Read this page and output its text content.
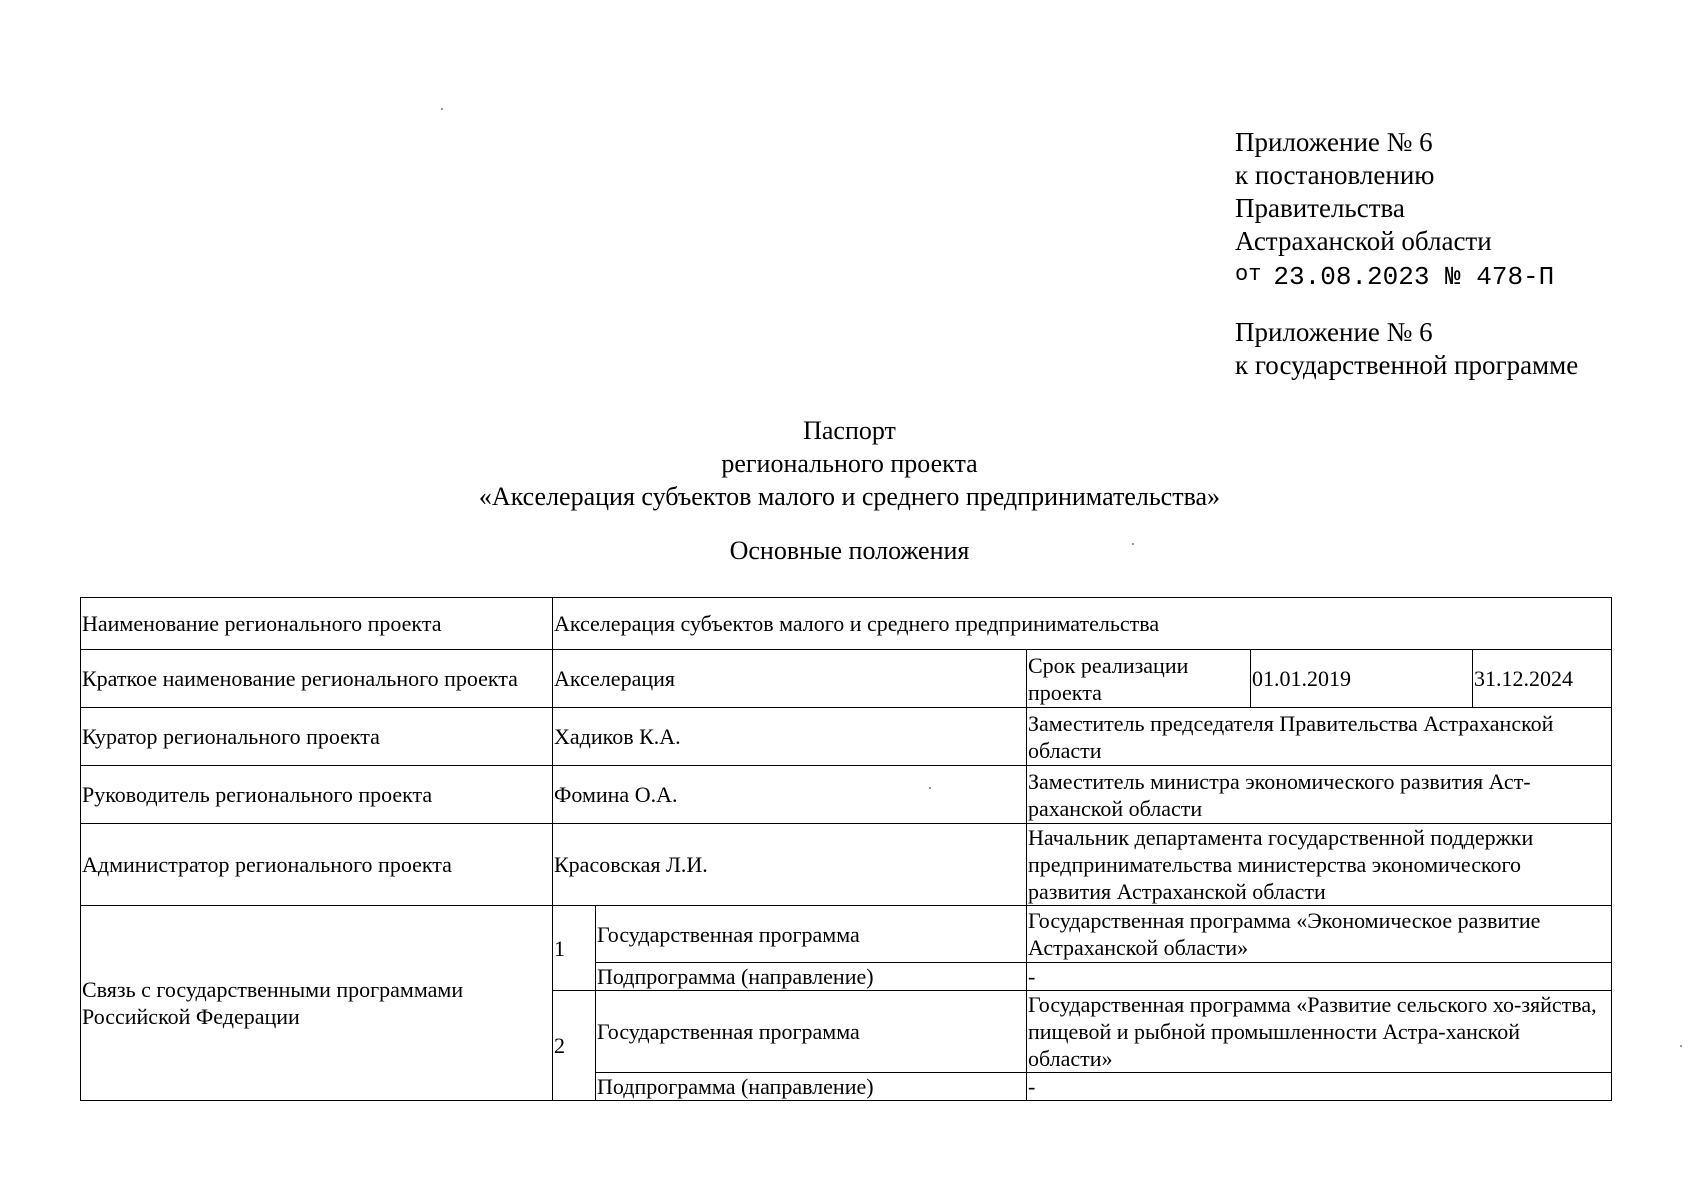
Приложение № 6
к постановлению
Правительства
Астраханской области
от 23.08.2023 № 478-П
Приложение № 6
к государственной программе
Паспорт
регионального проекта
«Акселерация субъектов малого и среднего предпринимательства»
Основные положения
Наименование регионального проекта	Акселерация субъектов малого и среднего предпринимательства				
Краткое наименование регионального проекта	Акселерация		Срок реализации проекта	01.01.2019	31.12.2024
Куратор регионального проекта	Хадиков К.А.		Заместитель председателя Правительства Астраханской области		
Руководитель регионального проекта	Фомина О.А.		Заместитель министра экономического развития Аст-раханской области		
Администратор регионального проекта	Красовская Л.И.		Начальник департамента государственной поддержки предпринимательства министерства экономического развития Астраханской области		
Связь с государственными программами Российской Федерации	1	Государственная программа	Государственная программа «Экономическое развитие Астраханской области»		
		Подпрограмма (направление)	-		
	2	Государственная программа	Государственная программа «Развитие сельского хо-зяйства, пищевой и рыбной промышленности Астра-ханской области»		
		Подпрограмма (направление)	-		
